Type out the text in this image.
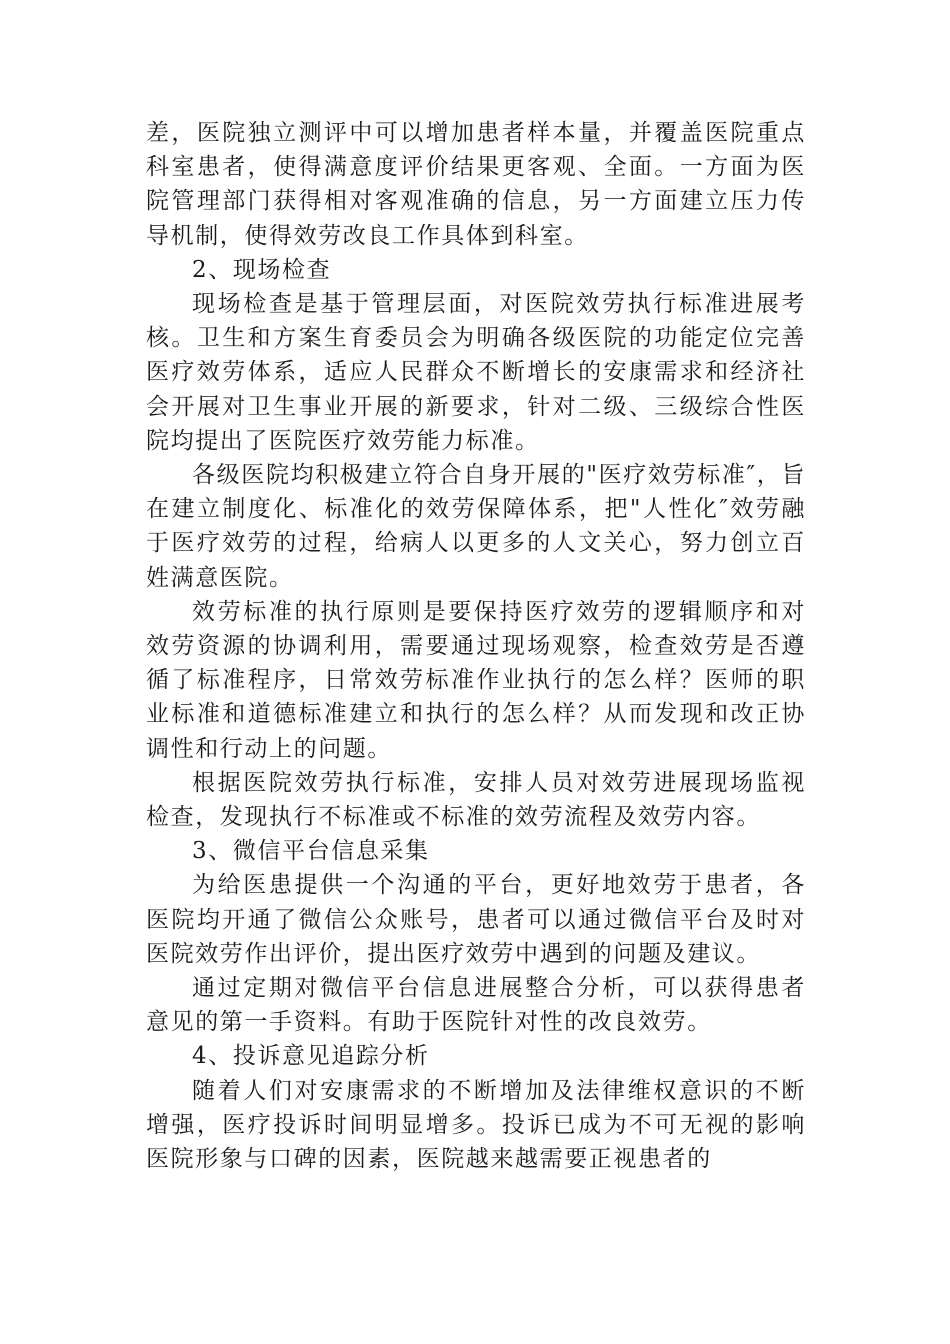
差，医院独立测评中可以增加患者样本量，并覆盖医院重点科室患者，使得满意度评价结果更客观、全面。一方面为医院管理部门获得相对客观准确的信息，另一方面建立压力传导机制，使得效劳改良工作具体到科室。

2、现场检查

现场检查是基于管理层面，对医院效劳执行标准进展考核。卫生和方案生育委员会为明确各级医院的功能定位完善医疗效劳体系，适应人民群众不断增长的安康需求和经济社会开展对卫生事业开展的新要求，针对二级、三级综合性医院均提出了医院医疗效劳能力标准。

各级医院均积极建立符合自身开展的"医疗效劳标准″，旨在建立制度化、标准化的效劳保障体系，把"人性化″效劳融于医疗效劳的过程，给病人以更多的人文关心，努力创立百姓满意医院。

效劳标准的执行原则是要保持医疗效劳的逻辑顺序和对效劳资源的协调利用，需要通过现场观察，检查效劳是否遵循了标准程序，日常效劳标准作业执行的怎么样？医师的职业标准和道德标准建立和执行的怎么样？从而发现和改正协调性和行动上的问题。

根据医院效劳执行标准，安排人员对效劳进展现场监视检查，发现执行不标准或不标准的效劳流程及效劳内容。

3、微信平台信息采集

为给医患提供一个沟通的平台，更好地效劳于患者，各医院均开通了微信公众账号，患者可以通过微信平台及时对医院效劳作出评价，提出医疗效劳中遇到的问题及建议。

通过定期对微信平台信息进展整合分析，可以获得患者意见的第一手资料。有助于医院针对性的改良效劳。

4、投诉意见追踪分析

随着人们对安康需求的不断增加及法律维权意识的不断增强，医疗投诉时间明显增多。投诉已成为不可无视的影响医院形象与口碑的因素，医院越来越需要正视患者的
